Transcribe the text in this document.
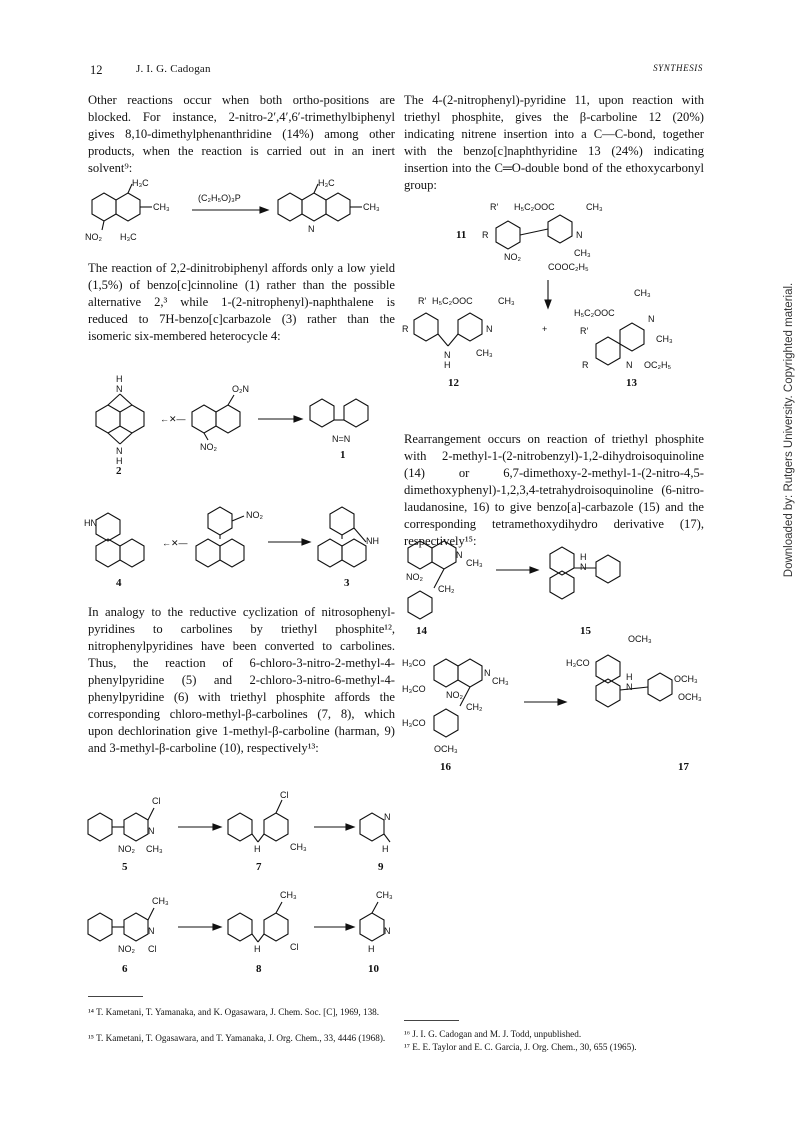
12	J. I. G. Cadogan	SYNTHESIS

Other reactions occur when both ortho-positions are blocked. For instance, 2-nitro-2′,4′,6′-trimethylbiphenyl gives 8,10-dimethylphenanthridine (14%) among other products, when the reaction is carried out in an inert solvent⁹:

The reaction of 2,2-dinitrobiphenyl affords only a low yield (1,5%) of benzo[c]cinnoline (1) rather than the possible alternative 2,³ while 1-(2-nitrophenyl)-naphthalene is reduced to 7H-benzo[c]carbazole (3) rather than the isomeric six-membered heterocycle 4:

In analogy to the reductive cyclization of nitrosophenyl-pyridines to carbolines by triethyl phosphite¹², nitrophenylpyridines have been converted to carbolines. Thus, the reaction of 6-chloro-3-nitro-2-methyl-4-phenylpyridine (5) and 2-chloro-3-nitro-6-methyl-4-phenylpyridine (6) with triethyl phosphite affords the corresponding chloro-methyl-β-carbolines (7, 8), which upon dechlorination give 1-methyl-β-carboline (harman, 9) and 3-methyl-β-carboline (10), respectively¹³:

The 4-(2-nitrophenyl)-pyridine 11, upon reaction with triethyl phosphite, gives the β-carboline 12 (20%) indicating nitrene insertion into a C—C-bond, together with the benzo[c]naphthyridine 13 (24%) indicating insertion into the C═O-double bond of the ethoxycarbonyl group:

Rearrangement occurs on reaction of triethyl phosphite with 2-methyl-1-(2-nitrobenzyl)-1,2-dihydroisoquinoline (14) or 6,7-dimethoxy-2-methyl-1-(2-nitro-4,5-dimethoxyphenyl)-1,2,3,4-tetrahydroisoquinoline (6-nitro-laudanosine, 16) to give benzo[a]-carbazole (15) and the corresponding tetramethoxydihydro derivative (17), respectively¹⁵:

H₃C
CH₃
NO₂ H₃C
(C₂H₅O)₃P
H₃C
CH₃
N
H
N
N
H
2
←✕—
O₂N
NO₂
N=N
1
HN
4
←✕—
NO₂
NH
3
Cl
N
NO₂ CH₃
5
Cl
H	CH₃
7
N
H
9
CH₃
N
NO₂ Cl
6
CH₃
H	Cl
8
CH₃
N
H
10
R′ H₅C₂OOC	CH₃
11 R	N
NO₂	CH₃
COOC₂H₅
R′ H₅C₂OOC	CH₃
R	N
N
H
CH₃
12
+
CH₃
H₅C₂OOC
R′
N
CH₃
R	N OC₂H₅
13
N
CH₃
NO₂
CH₂
14
H
N
15
H₃CO
H₃CO
N
CH₃
NO₂
CH₂
H₃CO
OCH₃
16
OCH₃
H₃CO
H
N
OCH₃
OCH₃
17
¹⁴ T. Kametani, T. Yamanaka, and K. Ogasawara, J. Chem. Soc. [C], 1969, 138.
¹⁵ T. Kametani, T. Ogasawara, and T. Yamanaka, J. Org. Chem., 33, 4446 (1968).	¹⁶ J. I. G. Cadogan and M. J. Todd, unpublished.
¹⁷ E. E. Taylor and E. C. Garcia, J. Org. Chem., 30, 655 (1965).
Downloaded by: Rutgers University. Copyrighted material.
